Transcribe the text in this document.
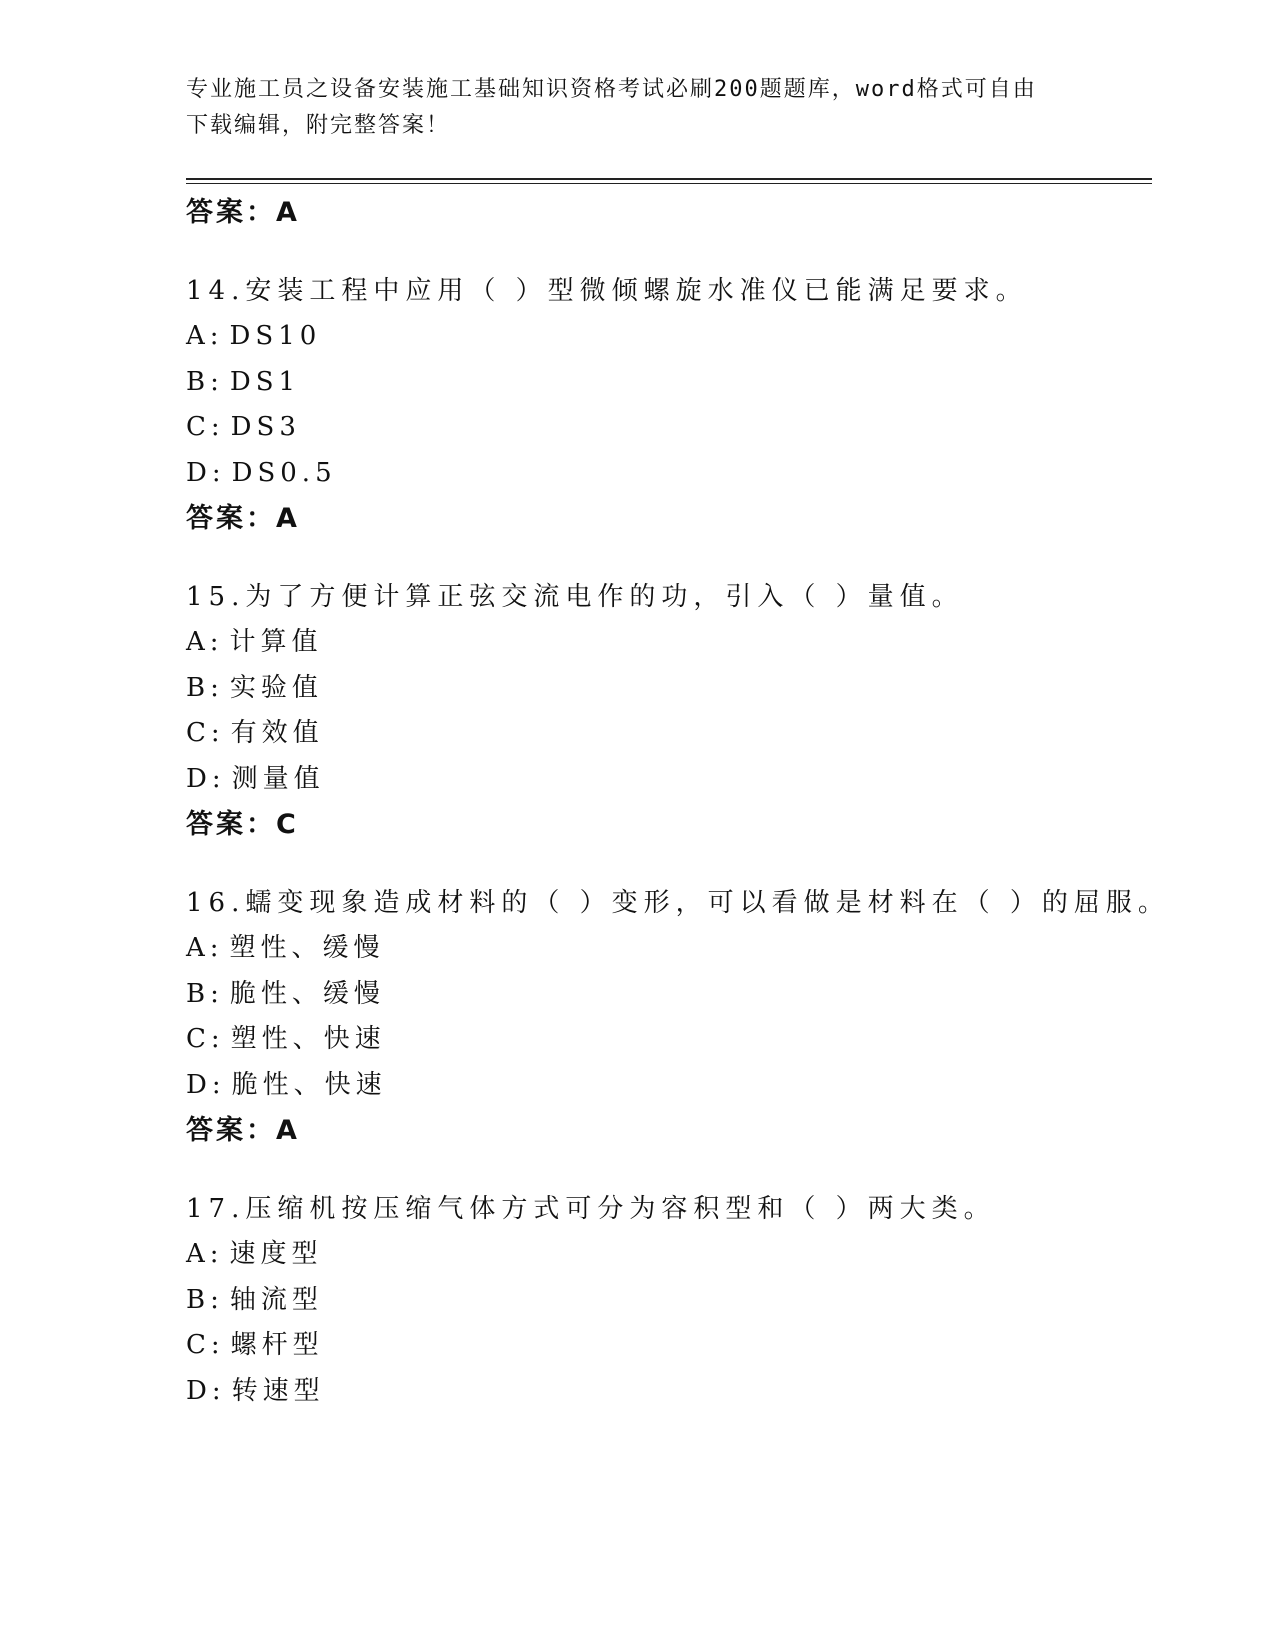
专业施工员之设备安装施工基础知识资格考试必刷200题题库，word格式可自由
下载编辑，附完整答案！
答案：A
14.安装工程中应用（ ）型微倾螺旋水准仪已能满足要求。
A: DS10
B: DS1
C: DS3
D: DS0.5
答案：A
15.为了方便计算正弦交流电作的功，引入（ ）量值。
A: 计算值
B: 实验值
C: 有效值
D: 测量值
答案：C
16.蠕变现象造成材料的（ ）变形，可以看做是材料在（ ）的屈服。
A: 塑性、缓慢
B: 脆性、缓慢
C: 塑性、快速
D: 脆性、快速
答案：A
17.压缩机按压缩气体方式可分为容积型和（ ）两大类。
A: 速度型
B: 轴流型
C: 螺杆型
D: 转速型
